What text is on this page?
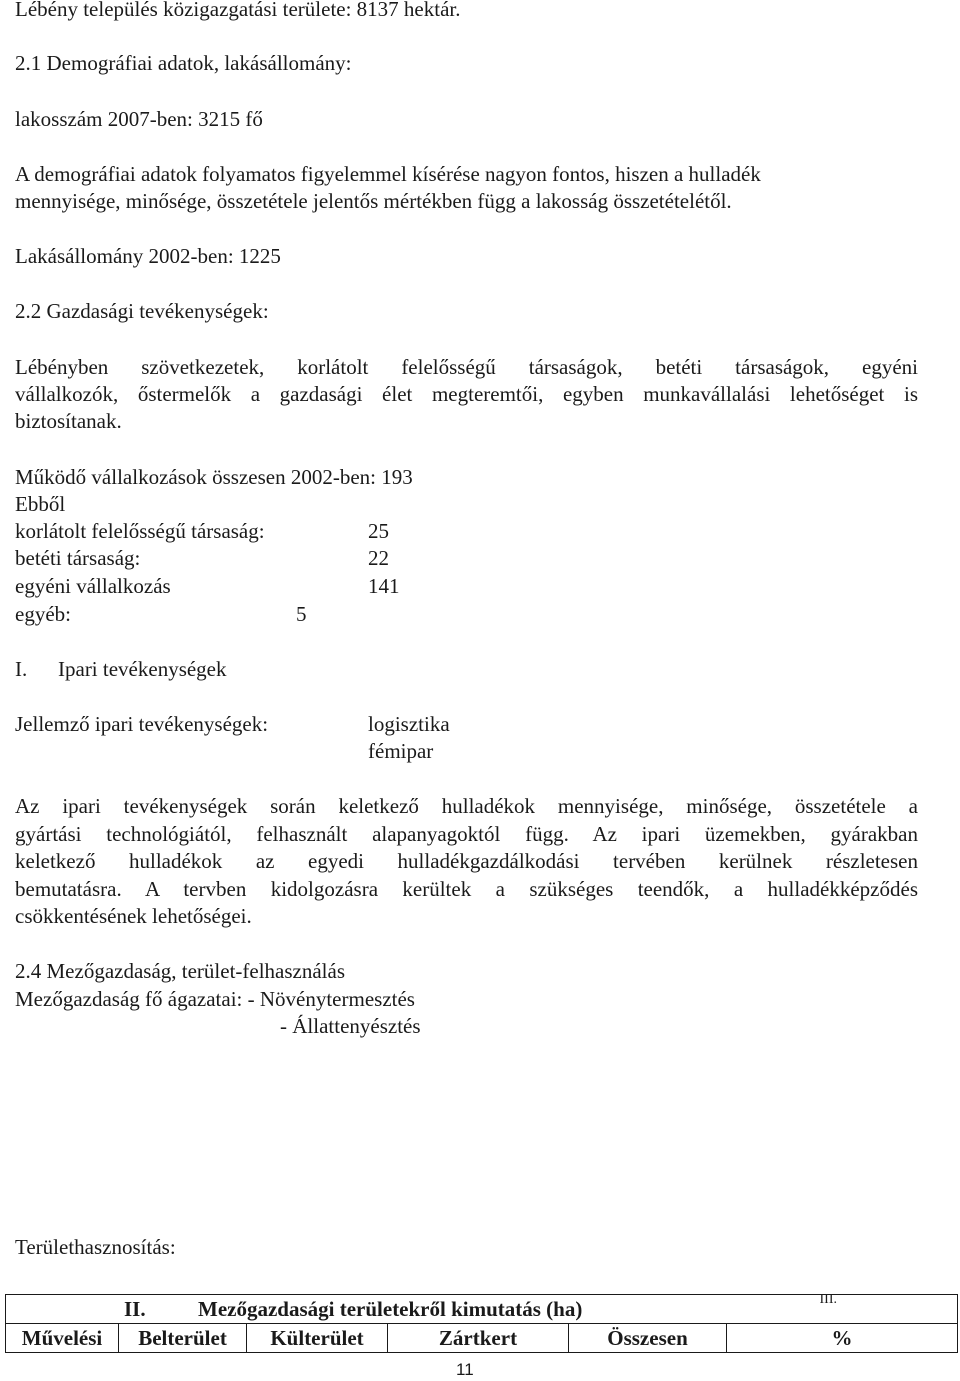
Lébény település közigazgatási területe: 8137 hektár.
2.1 Demográfiai adatok, lakásállomány:
lakosszám 2007-ben: 3215 fő
A demográfiai adatok folyamatos figyelemmel kísérése nagyon fontos, hiszen a hulladék
mennyisége, minősége, összetétele jelentős mértékben függ a lakosság összetételétől.
Lakásállomány 2002-ben: 1225
2.2 Gazdasági tevékenységek:
Lébényben szövetkezetek, korlátolt felelősségű társaságok, betéti társaságok, egyéni
vállalkozók, őstermelők a gazdasági élet megteremtői, egyben munkavállalási lehetőséget is
biztosítanak.
Működő vállalkozások összesen 2002-ben: 193
Ebből
korlátolt felelősségű társaság:	25
betéti társaság:	22
egyéni vállalkozás	141
egyéb:	5
I. Ipari tevékenységek
Jellemző ipari tevékenységek:	logisztika
fémipar
Az ipari tevékenységek során keletkező hulladékok mennyisége, minősége, összetétele a
gyártási technológiától, felhasznált alapanyagoktól függ. Az ipari üzemekben, gyárakban
keletkező hulladékok az egyedi hulladékgazdálkodási tervében kerülnek részletesen
bemutatásra. A tervben kidolgozásra kerültek a szükséges teendők, a hulladékképződés
csökkentésének lehetőségei.
2.4 Mezőgazdaság, terület-felhasználás
Mezőgazdaság fő ágazatai: - Növénytermesztés
- Állattenyésztés
Területhasznosítás:
II. Mezőgazdasági területekről kimutatás (ha)	III.

Művelési	Belterület	Külterület	Zártkert	Összesen	%
11
